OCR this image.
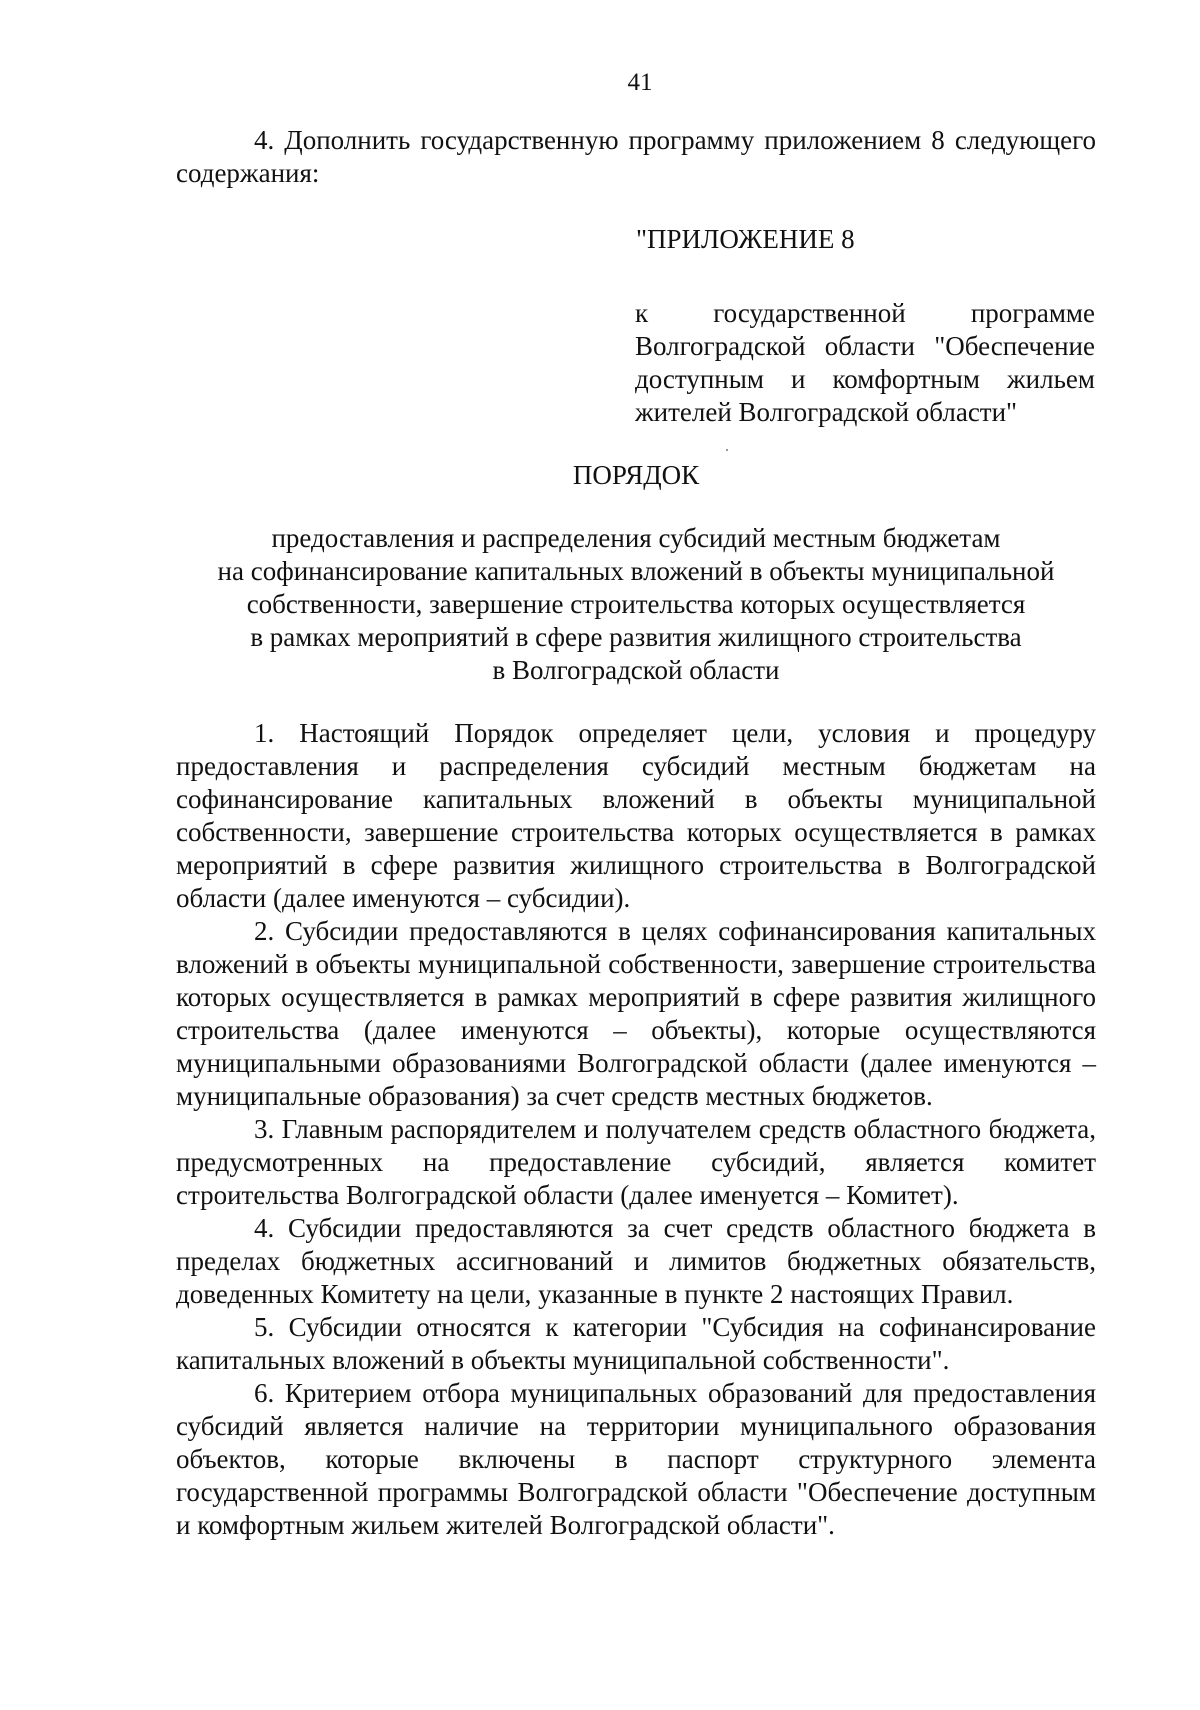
41

4. Дополнить государственную программу приложением 8 следующего содержания:

"ПРИЛОЖЕНИЕ 8
к государственной программе Волгоградской области "Обеспечение доступным и комфортным жильем жителей Волгоградской области"
ПОРЯДОК
предоставления и распределения субсидий местным бюджетам
на софинансирование капитальных вложений в объекты муниципальной
собственности, завершение строительства которых осуществляется
в рамках мероприятий в сфере развития жилищного строительства
в Волгоградской области

1. Настоящий Порядок определяет цели, условия и процедуру предоставления и распределения субсидий местным бюджетам на софинансирование капитальных вложений в объекты муниципальной собственности, завершение строительства которых осуществляется в рамках мероприятий в сфере развития жилищного строительства в Волгоградской области (далее именуются – субсидии).

2. Субсидии предоставляются в целях софинансирования капитальных вложений в объекты муниципальной собственности, завершение строительства которых осуществляется в рамках мероприятий в сфере развития жилищного строительства (далее именуются – объекты), которые осуществляются муниципальными образованиями Волгоградской области (далее именуются – муниципальные образования) за счет средств местных бюджетов.

3. Главным распорядителем и получателем средств областного бюджета, предусмотренных на предоставление субсидий, является комитет строительства Волгоградской области (далее именуется – Комитет).

4. Субсидии предоставляются за счет средств областного бюджета в пределах бюджетных ассигнований и лимитов бюджетных обязательств, доведенных Комитету на цели, указанные в пункте 2 настоящих Правил.

5. Субсидии относятся к категории "Субсидия на софинансирование капитальных вложений в объекты муниципальной собственности".

6. Критерием отбора муниципальных образований для предоставления субсидий является наличие на территории муниципального образования объектов, которые включены в паспорт структурного элемента государственной программы Волгоградской области "Обеспечение доступным и комфортным жильем жителей Волгоградской области".
